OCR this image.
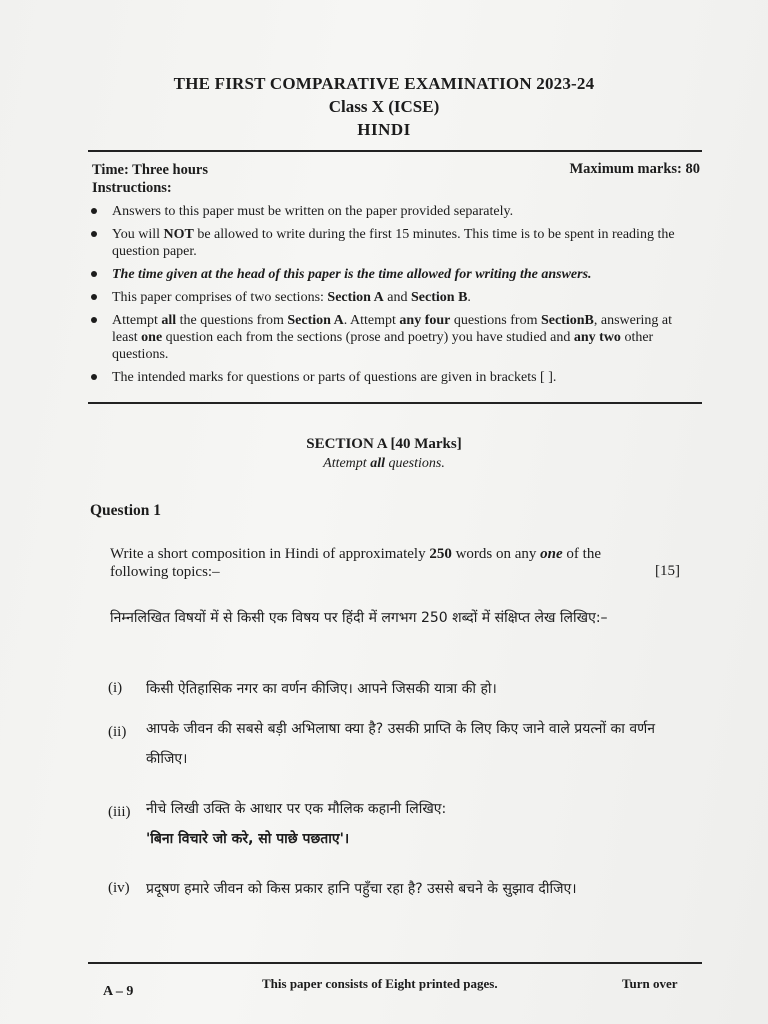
THE FIRST COMPARATIVE EXAMINATION 2023-24
Class X (ICSE)
HINDI
Time: Three hours	Maximum marks: 80
Instructions:
Answers to this paper must be written on the paper provided separately.
You will NOT be allowed to write during the first 15 minutes. This time is to be spent in reading the question paper.
The time given at the head of this paper is the time allowed for writing the answers.
This paper comprises of two sections: Section A and Section B.
Attempt all the questions from Section A. Attempt any four questions from SectionB, answering at least one question each from the sections (prose and poetry) you have studied and any two other questions.
The intended marks for questions or parts of questions are given in brackets [ ].
SECTION A [40 Marks]
Attempt all questions.
Question 1
Write a short composition in Hindi of approximately 250 words on any one of the following topics:–	[15]
निम्नलिखित विषयों में से किसी एक विषय पर हिंदी में लगभग 250 शब्दों में संक्षिप्त लेख लिखिए:–
(i) किसी ऐतिहासिक नगर का वर्णन कीजिए। आपने जिसकी यात्रा की हो।
(ii) आपके जीवन की सबसे बड़ी अभिलाषा क्या है? उसकी प्राप्ति के लिए किए जाने वाले प्रयत्नों का वर्णन कीजिए।
(iii) नीचे लिखी उक्ति के आधार पर एक मौलिक कहानी लिखिए:
'बिना विचारे जो करे, सो पाछे पछताए'।
(iv) प्रदूषण हमारे जीवन को किस प्रकार हानि पहुँचा रहा है? उससे बचने के सुझाव दीजिए।
A – 9
This paper consists of Eight printed pages.	Turn over
